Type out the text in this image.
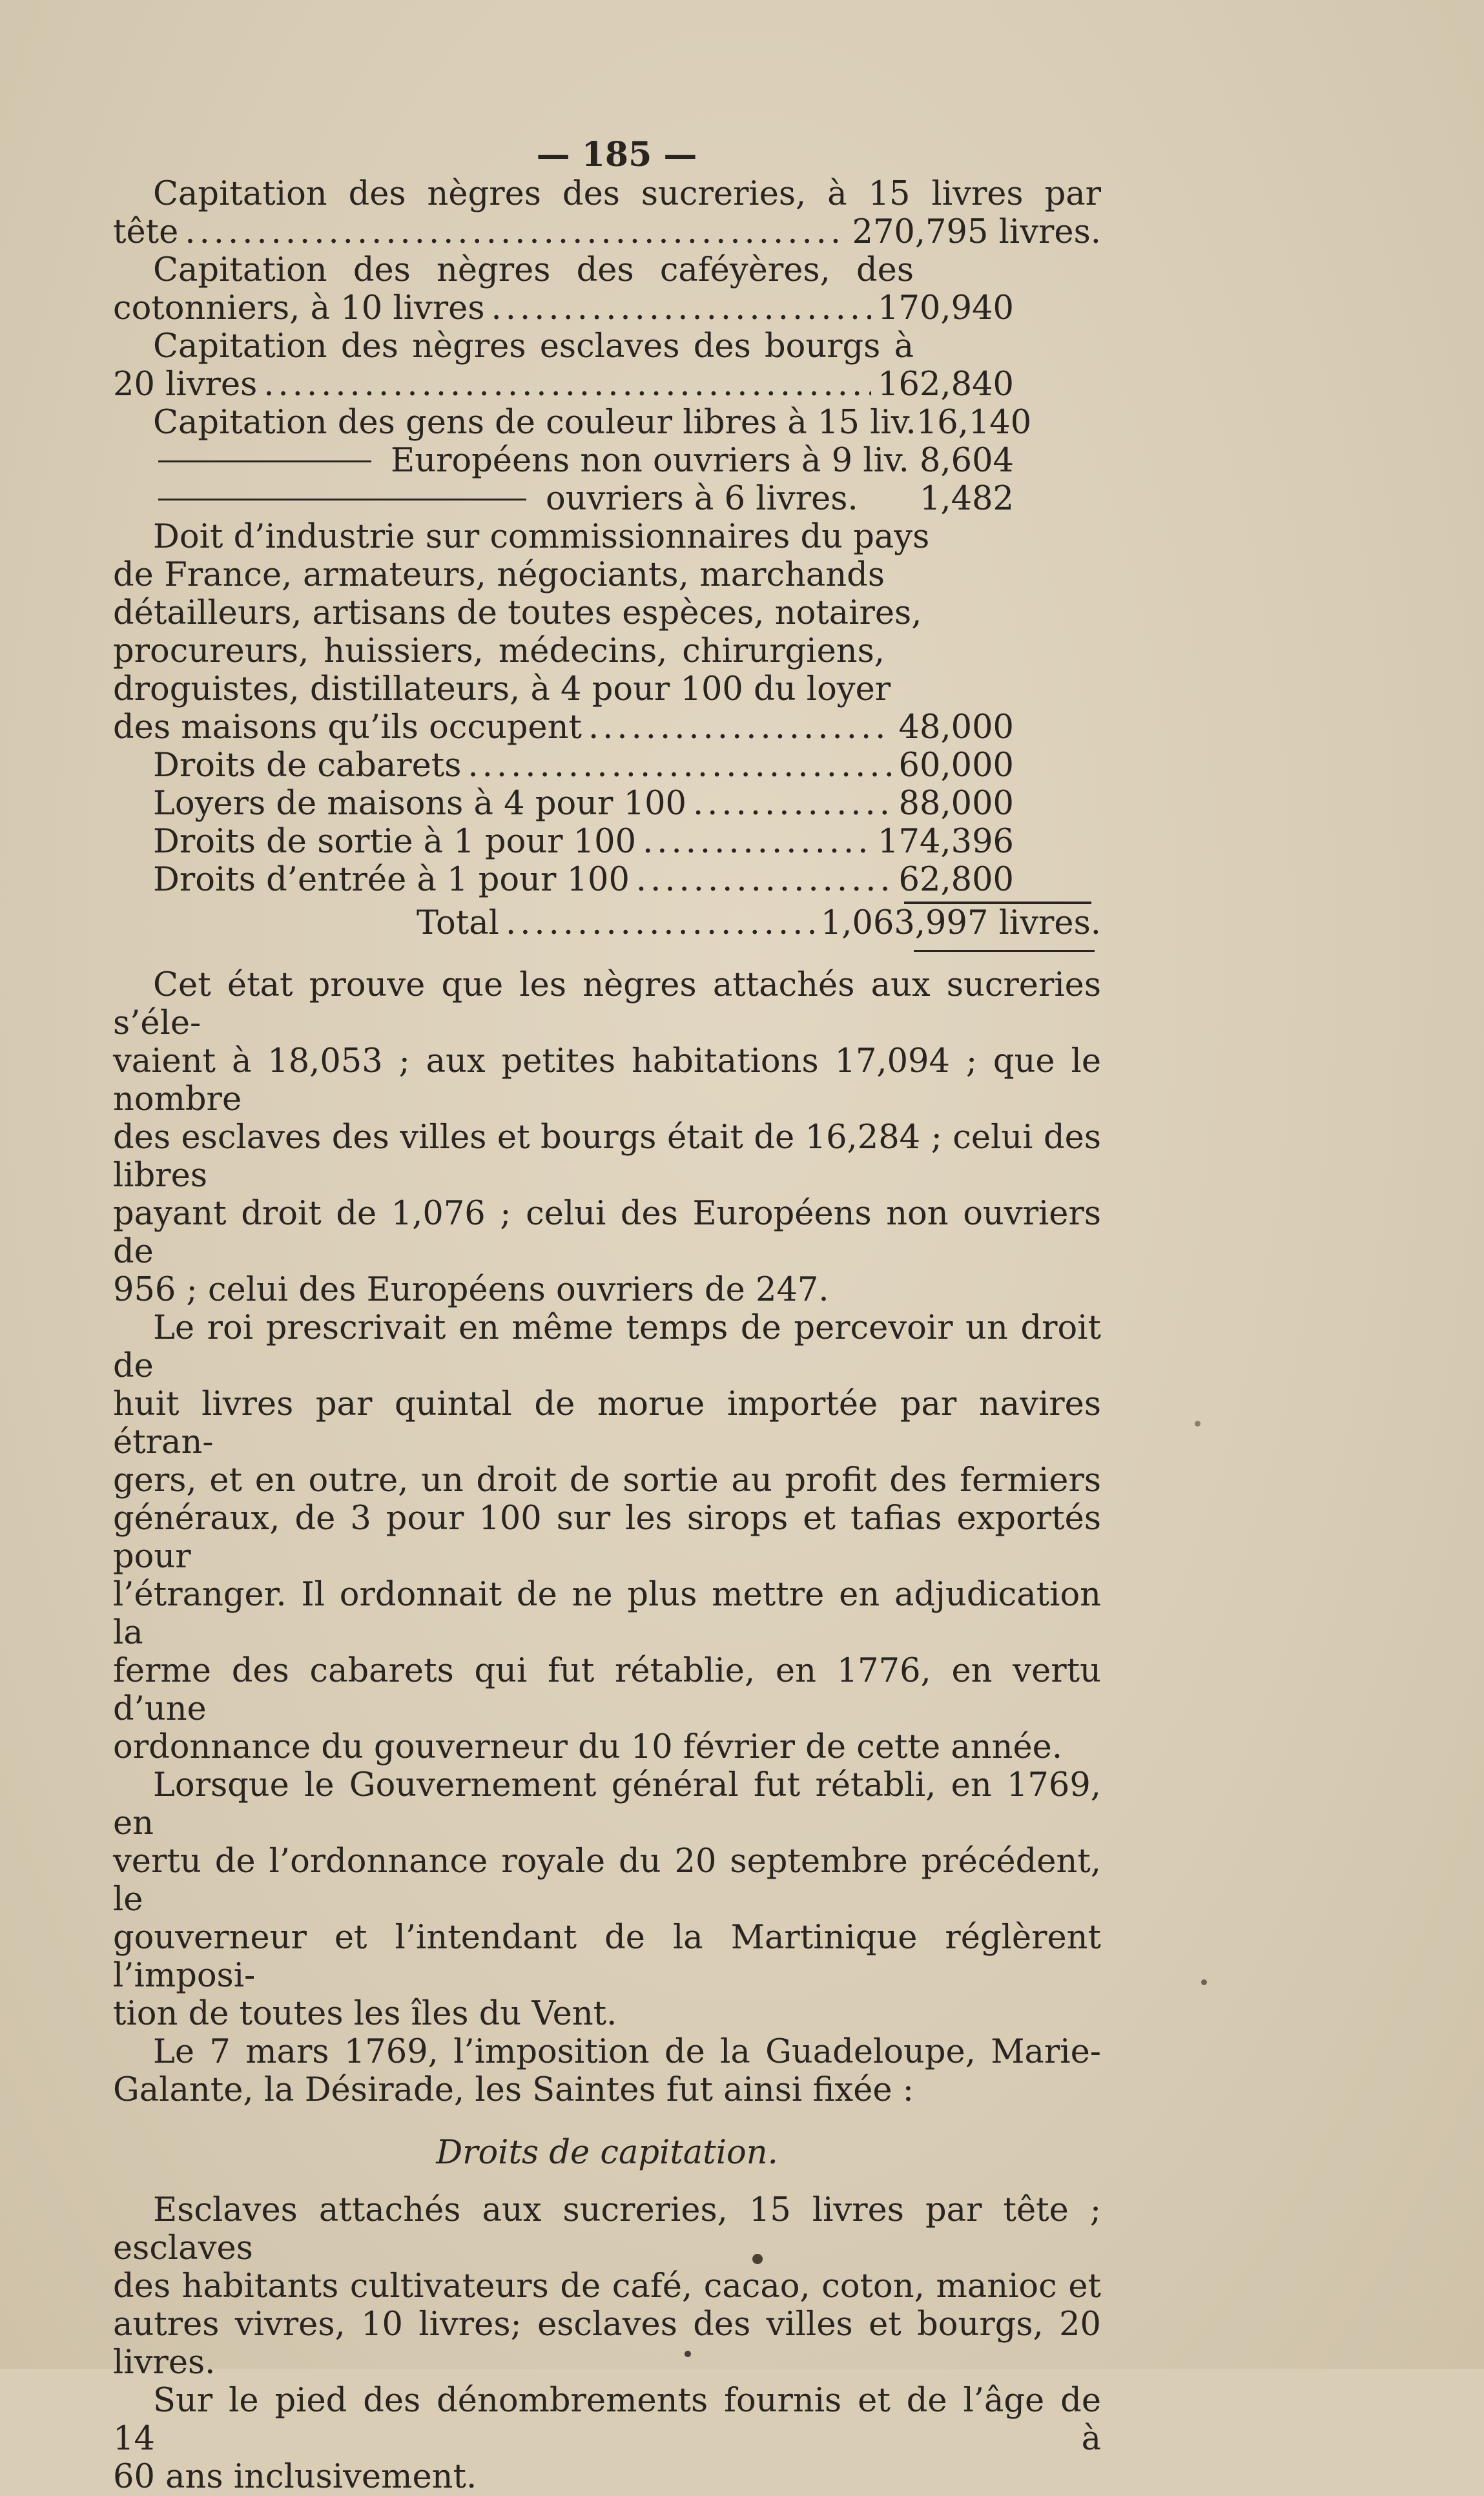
— 185 —
Capitation des nègres des sucreries, à 15 livres par
tête .....	270,795 livres.
Capitation des nègres des caféyères, des
cotonniers, à 10 livres .....	170,940
Capitation des nègres esclaves des bourgs à
20 livres .....	162,840
Capitation des gens de couleur libres à 15 liv. 16,140
Européens non ouvriers à 9 liv. 8,604
ouvriers à 6 livres. 1,482
Doit d’industrie sur commissionnaires du pays
de France, armateurs, négociants, marchands
détailleurs, artisans de toutes espèces, notaires,
procureurs, huissiers, médecins, chirurgiens,
droguistes, distillateurs, à 4 pour 100 du loyer
des maisons qu’ils occupent .....	48,000
Droits de cabarets .....	60,000
Loyers de maisons à 4 pour 100 .....	88,000
Droits de sortie à 1 pour 100 .....	174,396
Droits d’entrée à 1 pour 100 .....	62,800
Total .....	1,063,997 livres.
Cet état prouve que les nègres attachés aux sucreries s’éle-
vaient à 18,053 ; aux petites habitations 17,094 ; que le nombre
des esclaves des villes et bourgs était de 16,284 ; celui des libres
payant droit de 1,076 ; celui des Européens non ouvriers de
956 ; celui des Européens ouvriers de 247.
Le roi prescrivait en même temps de percevoir un droit de
huit livres par quintal de morue importée par navires étran-
gers, et en outre, un droit de sortie au profit des fermiers
généraux, de 3 pour 100 sur les sirops et tafias exportés pour
l’étranger. Il ordonnait de ne plus mettre en adjudication la
ferme des cabarets qui fut rétablie, en 1776, en vertu d’une
ordonnance du gouverneur du 10 février de cette année.
Lorsque le Gouvernement général fut rétabli, en 1769, en
vertu de l’ordonnance royale du 20 septembre précédent, le
gouverneur et l’intendant de la Martinique réglèrent l’imposi-
tion de toutes les îles du Vent.
Le 7 mars 1769, l’imposition de la Guadeloupe, Marie-
Galante, la Désirade, les Saintes fut ainsi fixée :
Droits de capitation.
Esclaves attachés aux sucreries, 15 livres par tête ; esclaves
des habitants cultivateurs de café, cacao, coton, manioc et
autres vivres, 10 livres; esclaves des villes et bourgs, 20 livres.
Sur le pied des dénombrements fournis et de l’âge de 14 à
60 ans inclusivement.
